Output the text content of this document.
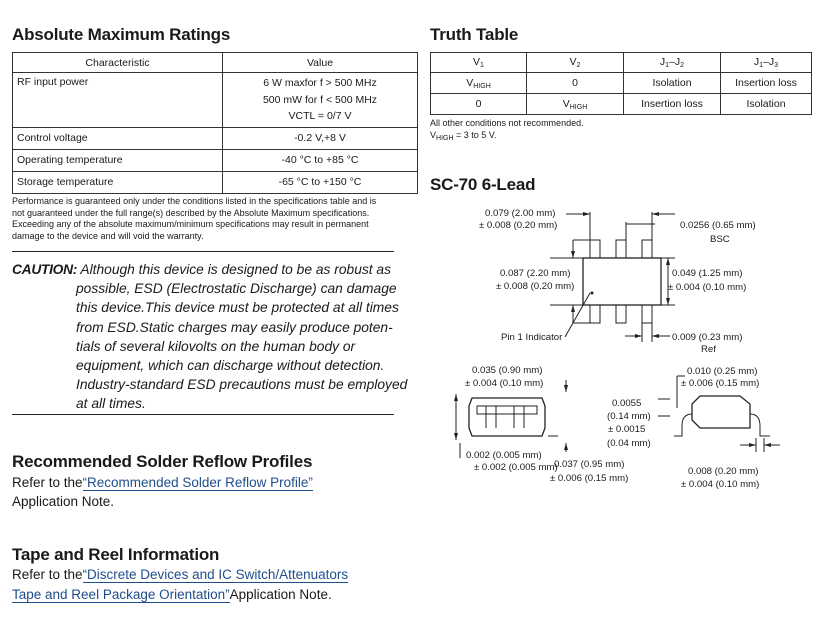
Absolute Maximum Ratings
Characteristic	Value
RF input power	6 W maxfor f > 500 MHz
500 mW for f < 500 MHz
VCTL = 0/7 V

Control voltage	-0.2 V,+8 V
Operating temperature	-40 °C to +85 °C
Storage temperature	-65 °C to +150 °C
Performance is guaranteed only under the conditions listed in the specifications table and is
not guaranteed under the full range(s) described by the Absolute Maximum specifications.
Exceeding any of the absolute maximum/minimum specifications may result in permanent
damage to the device and will void the warranty.
CAUTION: Although this device is designed to be as robust as
possible, ESD (Electrostatic Discharge) can damage
this device.This device must be protected at all times
from ESD.Static charges may easily produce poten-
tials of several kilovolts on the human body or
equipment, which can discharge without detection.
Industry-standard ESD precautions must be employed
at all times.
Recommended Solder Reflow Profiles
Refer to the“Recommended Solder Reflow Profile”
Application Note.
Tape and Reel Information
Refer to the“Discrete Devices and IC Switch/Attenuators
Tape and Reel Package Orientation”Application Note.
Truth Table
$V_1$	$V_2$	$J_1-J_2$	$J_1-J_3$
$V_{HIGH}$	0	Isolation	Insertion loss
0	$V_{HIGH}$	Insertion loss	Isolation
All other conditions not recommended.
$V_{HIGH} = 3$ to 5 V.
SC-70 6-Lead
0.079 (2.00 mm)
± 0.008 (0.20 mm)	0.0256 (0.65 mm)
BSC
0.087 (2.20 mm)
± 0.008 (0.20 mm)
0.049 (1.25 mm)
± 0.004 (0.10 mm)
Pin 1 Indicator	0.009 (0.23 mm)
Ref
0.035 (0.90 mm)
± 0.004 (0.10 mm)
0.010 (0.25 mm)
± 0.006 (0.15 mm)
0.0055
(0.14 mm)
± 0.0015
(0.04 mm)
0.002 (0.005 mm)
± 0.002 (0.005 mm)
0.037 (0.95 mm)
± 0.006 (0.15 mm)
0.008 (0.20 mm)
± 0.004 (0.10 mm)
